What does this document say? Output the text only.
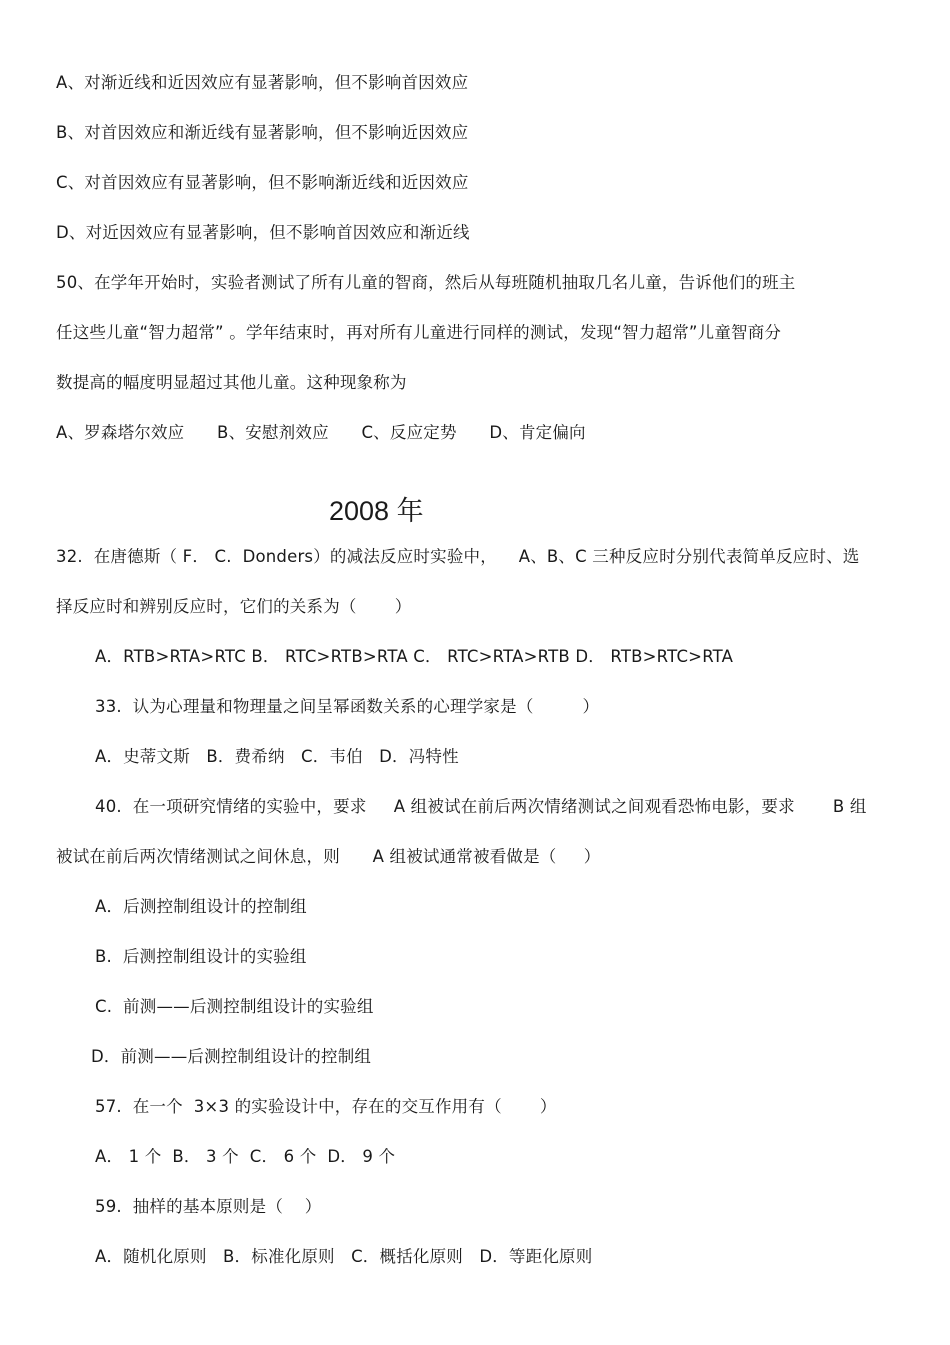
A、对渐近线和近因效应有显著影响，但不影响首因效应
B、对首因效应和渐近线有显著影响，但不影响近因效应
C、对首因效应有显著影响，但不影响渐近线和近因效应
D、对近因效应有显著影响，但不影响首因效应和渐近线
50、在学年开始时，实验者测试了所有儿童的智商，然后从每班随机抽取几名儿童，告诉他们的班主
任这些儿童“智力超常” 。学年结束时，再对所有儿童进行同样的测试，发现“智力超常”儿童智商分
数提高的幅度明显超过其他儿童。这种现象称为
A、罗森塔尔效应      B、安慰剂效应      C、反应定势      D、肯定偏向
2008 年
32.  在唐德斯（ F． C.  Donders）的减法反应时实验中，    A、B、C 三种反应时分别代表简单反应时、选
择反应时和辨别反应时，它们的关系为（       ）
A．RTB>RTA>RTC B． RTC>RTB>RTA C． RTC>RTA>RTB D． RTB>RTC>RTA
33.  认为心理量和物理量之间呈幂函数关系的心理学家是（         ）
A．史蒂文斯   B．费希纳   C．韦伯   D．冯特性
40.  在一项研究情绪的实验中，要求     A 组被试在前后两次情绪测试之间观看恐怖电影，要求       B 组
被试在前后两次情绪测试之间休息，则      A 组被试通常被看做是（     ）
A．后测控制组设计的控制组
B.  后测控制组设计的实验组
C.  前测——后测控制组设计的实验组
D．前测——后测控制组设计的控制组
57.  在一个  3×3 的实验设计中，存在的交互作用有（       ）
A． 1 个  B． 3 个  C． 6 个  D． 9 个
59.  抽样的基本原则是（    ）
A．随机化原则   B．标准化原则   C．概括化原则   D．等距化原则
